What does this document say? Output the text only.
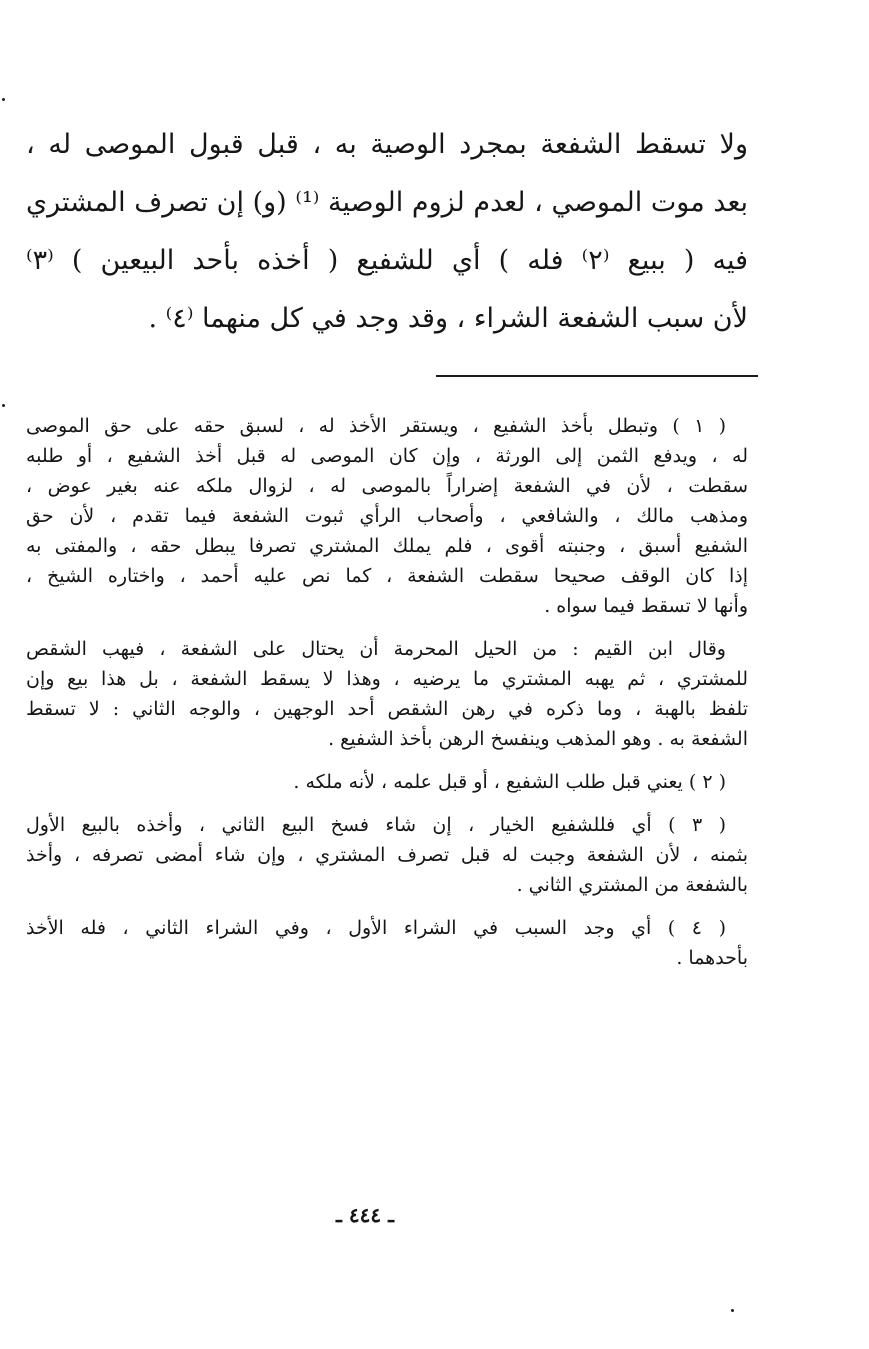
ولا تسقط الشفعة بمجرد الوصية به ، قبل قبول الموصى له ،
بعد موت الموصي ، لعدم لزوم الوصية ⁽¹⁾ (و) إن تصرف المشتري
فيه ( ببيع ⁽٢⁾ فله ) أي للشفيع ( أخذه بأحد البيعين ) ⁽٣⁾
لأن سبب الشفعة الشراء ، وقد وجد في كل منهما ⁽٤⁾ .
( ١ ) وتبطل بأخذ الشفيع ، ويستقر الأخذ له ، لسبق حقه على حق الموصى
له ، ويدفع الثمن إلى الورثة ، وإن كان الموصى له قبل أخذ الشفيع ، أو طلبه
سقطت ، لأن في الشفعة إضراراً بالموصى له ، لزوال ملكه عنه بغير عوض ،
ومذهب مالك ، والشافعي ، وأصحاب الرأي ثبوت الشفعة فيما تقدم ، لأن حق
الشفيع أسبق ، وجنبته أقوى ، فلم يملك المشتري تصرفا يبطل حقه ، والمفتى به
إذا كان الوقف صحيحا سقطت الشفعة ، كما نص عليه أحمد ، واختاره الشيخ ،
وأنها لا تسقط فيما سواه .
وقال ابن القيم : من الحيل المحرمة أن يحتال على الشفعة ، فيهب الشقص
للمشتري ، ثم يهبه المشتري ما يرضيه ، وهذا لا يسقط الشفعة ، بل هذا بيع وإن
تلفظ بالهبة ، وما ذكره في رهن الشقص أحد الوجهين ، والوجه الثاني : لا تسقط
الشفعة به . وهو المذهب وينفسخ الرهن بأخذ الشفيع .
( ٢ ) يعني قبل طلب الشفيع ، أو قبل علمه ، لأنه ملكه .
( ٣ ) أي فللشفيع الخيار ، إن شاء فسخ البيع الثاني ، وأخذه بالبيع الأول
بثمنه ، لأن الشفعة وجبت له قبل تصرف المشتري ، وإن شاء أمضى تصرفه ، وأخذ
بالشفعة من المشتري الثاني .
( ٤ ) أي وجد السبب في الشراء الأول ، وفي الشراء الثاني ، فله الأخذ
بأحدهما .
ـ ٤٤٤ ـ
